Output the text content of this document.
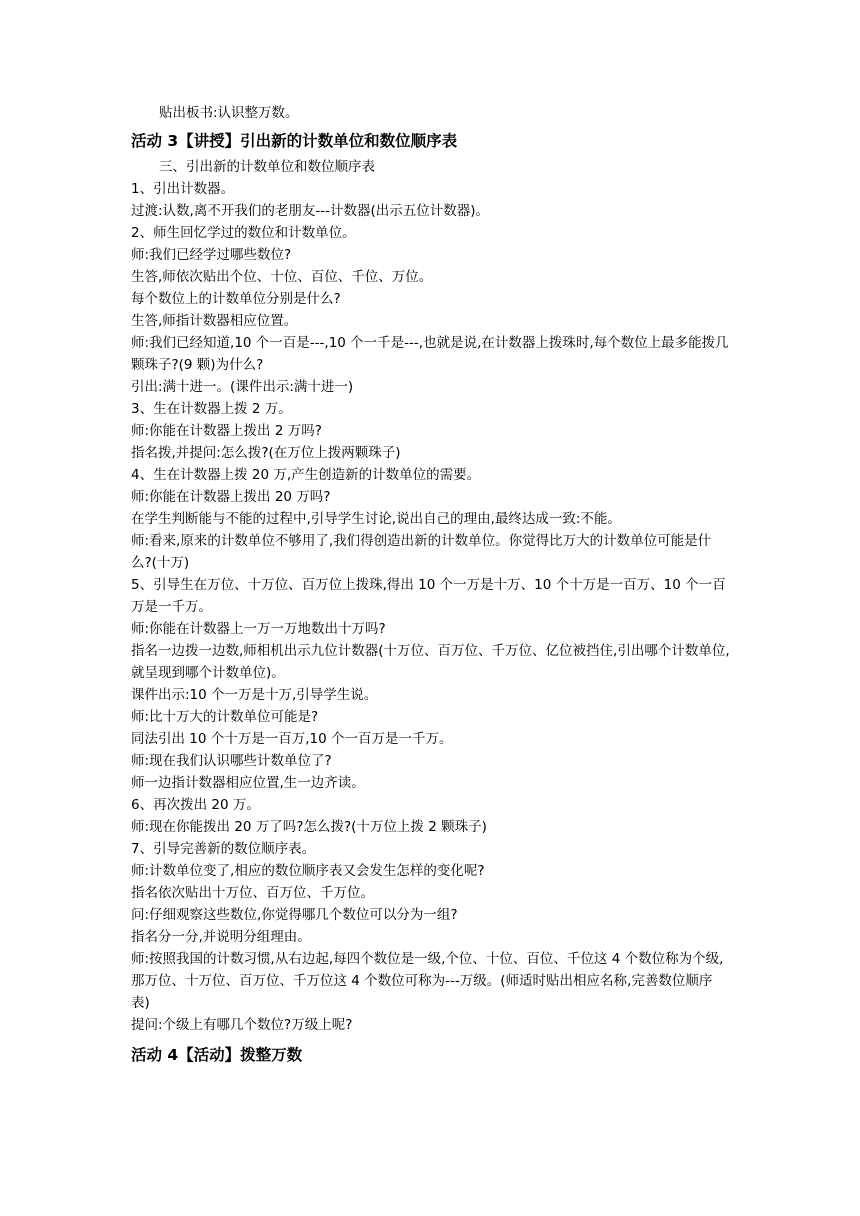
贴出板书:认识整万数。

活动 3【讲授】引出新的计数单位和数位顺序表

三、引出新的计数单位和数位顺序表

1、引出计数器。

过渡:认数,离不开我们的老朋友---计数器(出示五位计数器)。

2、师生回忆学过的数位和计数单位。

师:我们已经学过哪些数位?

生答,师依次贴出个位、十位、百位、千位、万位。

每个数位上的计数单位分别是什么?

生答,师指计数器相应位置。

师:我们已经知道,10 个一百是---,10 个一千是---,也就是说,在计数器上拨珠时,每个数位上最多能拨几颗珠子?(9 颗)为什么?

引出:满十进一。(课件出示:满十进一)

3、生在计数器上拨 2 万。

师:你能在计数器上拨出 2 万吗?

指名拨,并提问:怎么拨?(在万位上拨两颗珠子)

4、生在计数器上拨 20 万,产生创造新的计数单位的需要。

师:你能在计数器上拨出 20 万吗?

在学生判断能与不能的过程中,引导学生讨论,说出自己的理由,最终达成一致:不能。

师:看来,原来的计数单位不够用了,我们得创造出新的计数单位。你觉得比万大的计数单位可能是什么?(十万)

5、引导生在万位、十万位、百万位上拨珠,得出 10 个一万是十万、10 个十万是一百万、10 个一百万是一千万。

师:你能在计数器上一万一万地数出十万吗?

指名一边拨一边数,师相机出示九位计数器(十万位、百万位、千万位、亿位被挡住,引出哪个计数单位,就呈现到哪个计数单位)。

课件出示:10 个一万是十万,引导学生说。

师:比十万大的计数单位可能是?

同法引出 10 个十万是一百万,10 个一百万是一千万。

师:现在我们认识哪些计数单位了?

师一边指计数器相应位置,生一边齐读。

6、再次拨出 20 万。

师:现在你能拨出 20 万了吗?怎么拨?(十万位上拨 2 颗珠子)

7、引导完善新的数位顺序表。

师:计数单位变了,相应的数位顺序表又会发生怎样的变化呢?

指名依次贴出十万位、百万位、千万位。

问:仔细观察这些数位,你觉得哪几个数位可以分为一组?

指名分一分,并说明分组理由。

师:按照我国的计数习惯,从右边起,每四个数位是一级,个位、十位、百位、千位这 4 个数位称为个级,那万位、十万位、百万位、千万位这 4 个数位可称为---万级。(师适时贴出相应名称,完善数位顺序表)

提问:个级上有哪几个数位?万级上呢?

活动 4【活动】拨整万数
